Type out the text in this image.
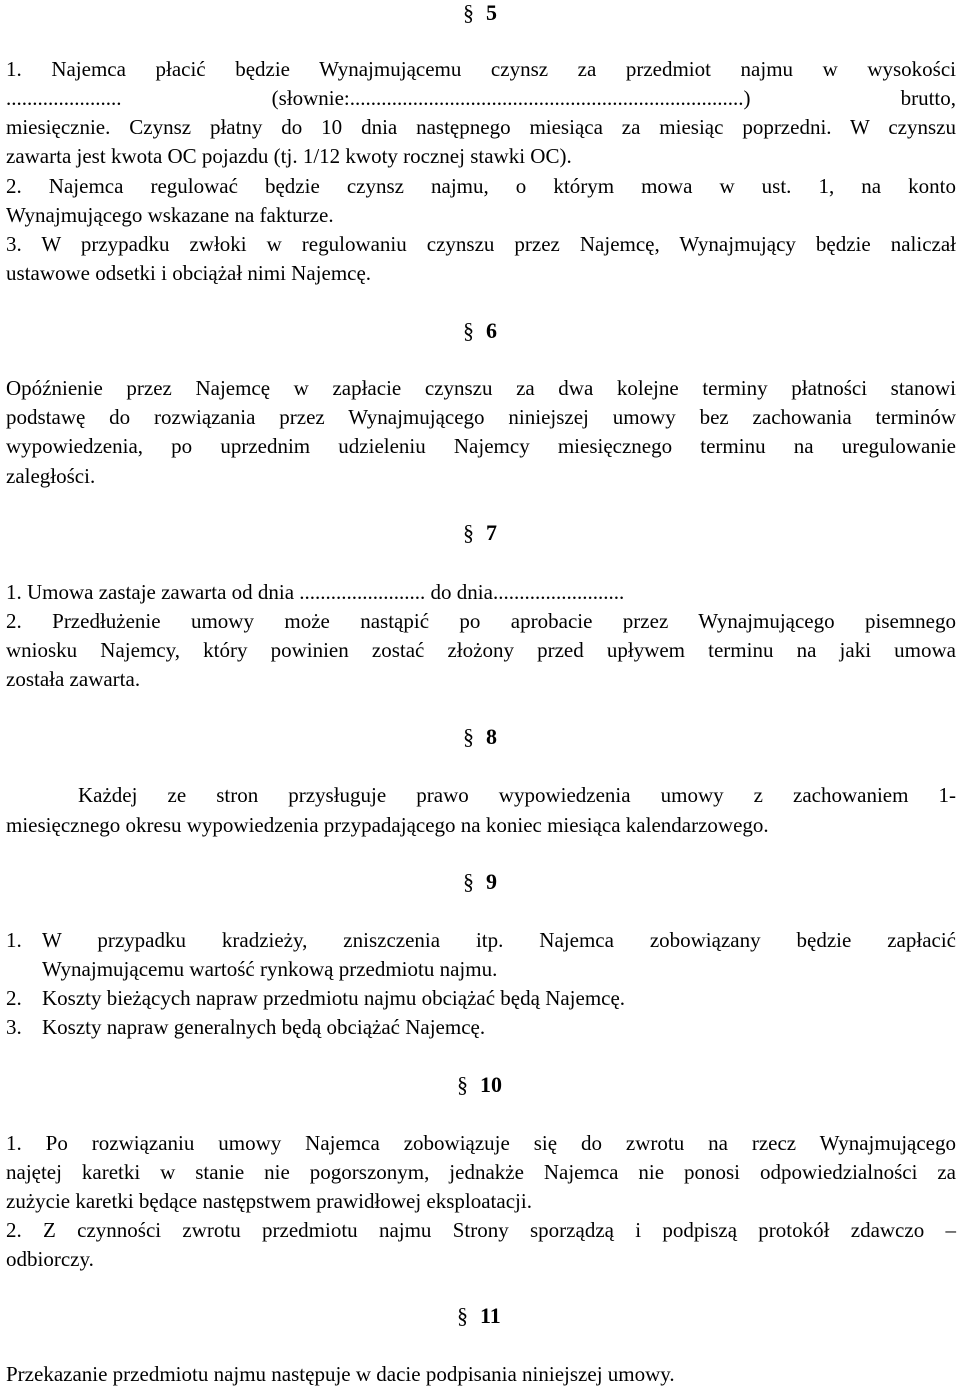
§ 5
1. Najemca płacić będzie Wynajmującemu czynsz za przedmiot najmu w wysokości
...................... (słownie:...........................................................................) brutto,
miesięcznie. Czynsz płatny do 10 dnia następnego miesiąca za miesiąc poprzedni. W czynszu
zawarta jest kwota OC pojazdu (tj. 1/12 kwoty rocznej stawki OC).
2. Najemca regulować będzie czynsz najmu, o którym mowa w ust. 1, na konto
Wynajmującego wskazane na fakturze.
3. W przypadku zwłoki w regulowaniu czynszu przez Najemcę, Wynajmujący będzie naliczał
ustawowe odsetki i obciążał nimi Najemcę.
§ 6
Opóźnienie przez Najemcę w zapłacie czynszu za dwa kolejne terminy płatności stanowi
podstawę do rozwiązania przez Wynajmującego niniejszej umowy bez zachowania terminów
wypowiedzenia, po uprzednim udzieleniu Najemcy miesięcznego terminu na uregulowanie
zaległości.
§ 7
1. Umowa zastaje zawarta od dnia ........................ do dnia.........................
2. Przedłużenie umowy może nastąpić po aprobacie przez Wynajmującego pisemnego
wniosku Najemcy, który powinien zostać złożony przed upływem terminu na jaki umowa
została zawarta.
§ 8
Każdej ze stron przysługuje prawo wypowiedzenia umowy z zachowaniem 1-
miesięcznego okresu wypowiedzenia przypadającego na koniec miesiąca kalendarzowego.
§ 9
1. W przypadku kradzieży, zniszczenia itp. Najemca zobowiązany będzie zapłacić
Wynajmującemu wartość rynkową przedmiotu najmu.
2. Koszty bieżących napraw przedmiotu najmu obciążać będą Najemcę.
3. Koszty napraw generalnych będą obciążać Najemcę.
§ 10
1. Po rozwiązaniu umowy Najemca zobowiązuje się do zwrotu na rzecz Wynajmującego
najętej karetki w stanie nie pogorszonym, jednakże Najemca nie ponosi odpowiedzialności za
zużycie karetki będące następstwem prawidłowej eksploatacji.
2. Z czynności zwrotu przedmiotu najmu Strony sporządzą i podpiszą protokół zdawczo –
odbiorczy.
§ 11
Przekazanie przedmiotu najmu następuje w dacie podpisania niniejszej umowy.
